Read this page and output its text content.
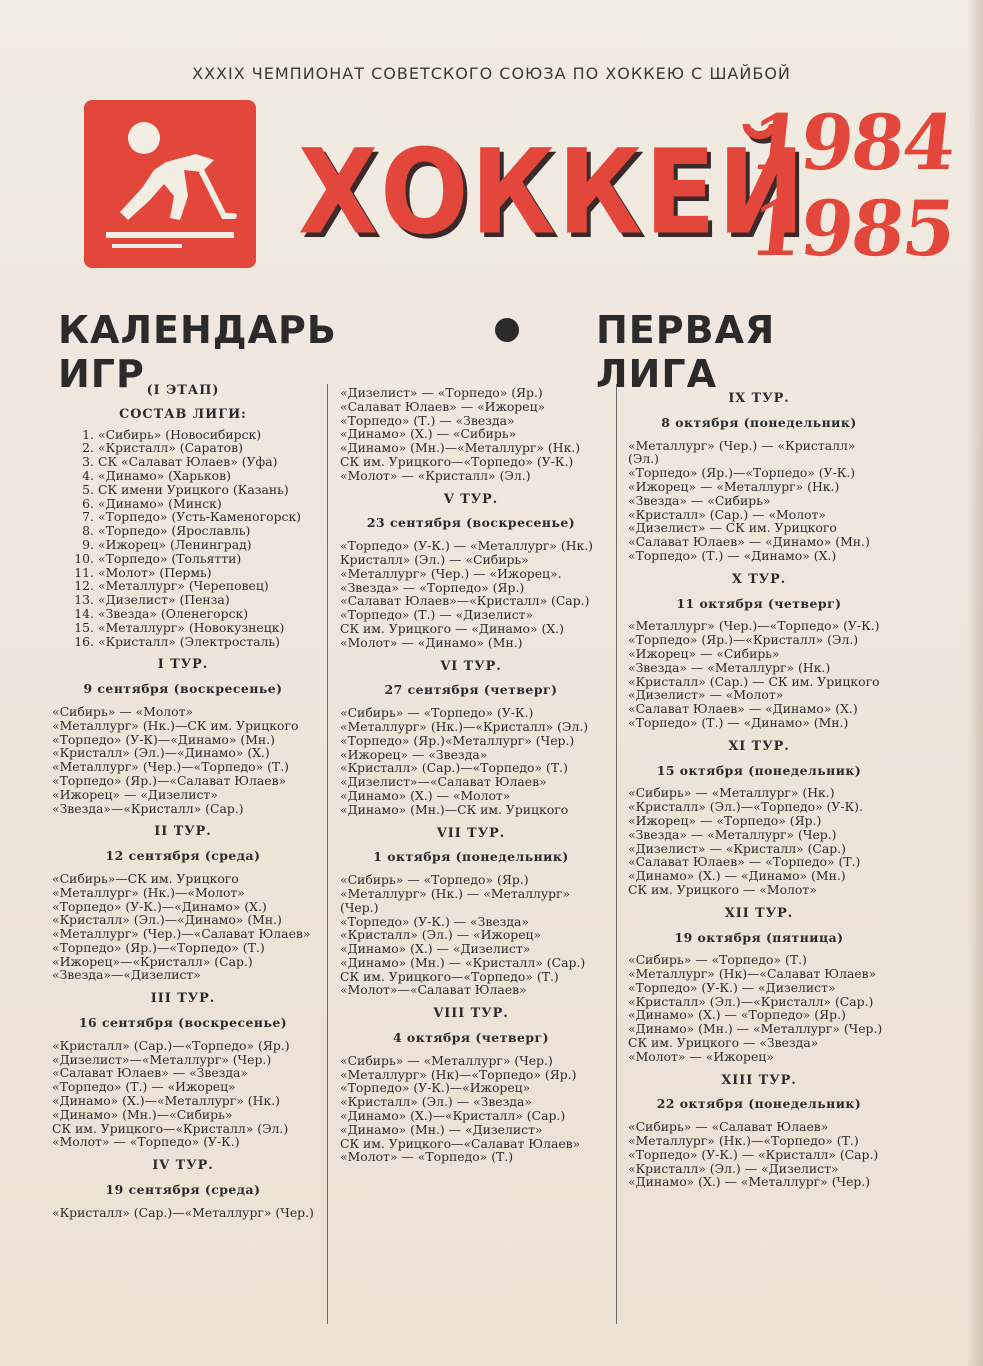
XXXIX ЧЕМПИОНАТ СОВЕТСКОГО СОЮЗА ПО ХОККЕЮ С ШАЙБОЙ
ХОККЕЙ
1984
1985
КАЛЕНДАРЬ ИГР
ПЕРВАЯ ЛИГА
(I ЭТАП)
СОСТАВ ЛИГИ:
1. «Сибирь» (Новосибирск)
2. «Кристалл» (Саратов)
3. СК «Салават Юлаев» (Уфа)
4. «Динамо» (Харьков)
5. СК имени Урицкого (Казань)
6. «Динамо» (Минск)
7. «Торпедо» (Усть-Каменогорск)
8. «Торпедо» (Ярославль)
9. «Ижорец» (Ленинград)
10. «Торпедо» (Тольятти)
11. «Молот» (Пермь)
12. «Металлург» (Череповец)
13. «Дизелист» (Пенза)
14. «Звезда» (Оленегорск)
15. «Металлург» (Новокузнецк)
16. «Кристалл» (Электросталь)
I ТУР.
9 сентября (воскресенье)
«Сибирь» — «Молот»
«Металлург» (Нк.)—СК им. Урицкого
«Торпедо» (У-К)—«Динамо» (Мн.)
«Кристалл» (Эл.)—«Динамо» (Х.)
«Металлург» (Чер.)—«Торпедо» (Т.)
«Торпедо» (Яр.)—«Салават Юлаев»
«Ижорец» — «Дизелист»
«Звезда»—«Кристалл» (Сар.)
II ТУР.
12 сентября (среда)
«Сибирь»—СК им. Урицкого
«Металлург» (Нк.)—«Молот»
«Торпедо» (У-К.)—«Динамо» (Х.)
«Кристалл» (Эл.)—«Динамо» (Мн.)
«Металлург» (Чер.)—«Салават Юлаев»
«Торпедо» (Яр.)—«Торпедо» (Т.)
«Ижорец»—«Кристалл» (Сар.)
«Звезда»—«Дизелист»
III ТУР.
16 сентября (воскресенье)
«Кристалл» (Сар.)—«Торпедо» (Яр.)
«Дизелист»—«Металлург» (Чер.)
«Салават Юлаев» — «Звезда»
«Торпедо» (Т.) — «Ижорец»
«Динамо» (Х.)—«Металлург» (Нк.)
«Динамо» (Мн.)—«Сибирь»
СК им. Урицкого—«Кристалл» (Эл.)
«Молот» — «Торпедо» (У-К.)
IV ТУР.
19 сентября (среда)
«Кристалл» (Сар.)—«Металлург» (Чер.)
«Дизелист» — «Торпедо» (Яр.)
«Салават Юлаев» — «Ижорец»
«Торпедо» (Т.) — «Звезда»
«Динамо» (Х.) — «Сибирь»
«Динамо» (Мн.)—«Металлург» (Нк.)
СК им. Урицкого—«Торпедо» (У-К.)
«Молот» — «Кристалл» (Эл.)
V ТУР.
23 сентября (воскресенье)
«Торпедо» (У-К.) — «Металлург» (Нк.)
Кристалл» (Эл.) — «Сибирь»
«Металлург» (Чер.) — «Ижорец».
«Звезда» — «Торпедо» (Яр.)
«Салават Юлаев»—«Кристалл» (Сар.)
«Торпедо» (Т.) — «Дизелист»
СК им. Урицкого — «Динамо» (Х.)
«Молот» — «Динамо» (Мн.)
VI ТУР.
27 сентября (четверг)
«Сибирь» — «Торпедо» (У-К.)
«Металлург» (Нк.)—«Кристалл» (Эл.)
«Торпедо» (Яр.)«Металлург» (Чер.)
«Ижорец» — «Звезда»
«Кристалл» (Сар.)—«Торпедо» (Т.)
«Дизелист»—«Салават Юлаев»
«Динамо» (Х.) — «Молот»
«Динамо» (Мн.)—СК им. Урицкого
VII ТУР.
1 октября (понедельник)
«Сибирь» — «Торпедо» (Яр.)
«Металлург» (Нк.) — «Металлург» (Чер.)
«Торпедо» (У-К.) — «Звезда»
«Кристалл» (Эл.) — «Ижорец»
«Динамо» (Х.) — «Дизелист»
«Динамо» (Мн.) — «Кристалл» (Сар.)
СК им. Урицкого—«Торпедо» (Т.)
«Молот»—«Салават Юлаев»
VIII ТУР.
4 октября (четверг)
«Сибирь» — «Металлург» (Чер.)
«Металлург» (Нк)—«Торпедо» (Яр.)
«Торпедо» (У-К.)—«Ижорец»
«Кристалл» (Эл.) — «Звезда»
«Динамо» (Х.)—«Кристалл» (Сар.)
«Динамо» (Мн.) — «Дизелист»
СК им. Урицкого—«Салават Юлаев»
«Молот» — «Торпедо» (Т.)
IX ТУР.
8 октября (понедельник)
«Металлург» (Чер.) — «Кристалл» (Эл.)
«Торпедо» (Яр.)—«Торпедо» (У-К.)
«Ижорец» — «Металлург» (Нк.)
«Звезда» — «Сибирь»
«Кристалл» (Сар.) — «Молот»
«Дизелист» — СК им. Урицкого
«Салават Юлаев» — «Динамо» (Мн.)
«Торпедо» (Т.) — «Динамо» (Х.)
X ТУР.
11 октября (четверг)
«Металлург» (Чер.)—«Торпедо» (У-К.)
«Торпедо» (Яр.)—«Кристалл» (Эл.)
«Ижорец» — «Сибирь»
«Звезда» — «Металлург» (Нк.)
«Кристалл» (Сар.) — СК им. Урицкого
«Дизелист» — «Молот»
«Салават Юлаев» — «Динамо» (Х.)
«Торпедо» (Т.) — «Динамо» (Мн.)
XI ТУР.
15 октября (понедельник)
«Сибирь» — «Металлург» (Нк.)
«Кристалл» (Эл.)—«Торпедо» (У-К).
«Ижорец» — «Торпедо» (Яр.)
«Звезда» — «Металлург» (Чер.)
«Дизелист» — «Кристалл» (Сар.)
«Салават Юлаев» — «Торпедо» (Т.)
«Динамо» (Х.) — «Динамо» (Мн.)
СК им. Урицкого — «Молот»
XII ТУР.
19 октября (пятница)
«Сибирь» — «Торпедо» (Т.)
«Металлург» (Нк)—«Салават Юлаев»
«Торпедо» (У-К.) — «Дизелист»
«Кристалл» (Эл.)—«Кристалл» (Сар.)
«Динамо» (Х.) — «Торпедо» (Яр.)
«Динамо» (Мн.) — «Металлург» (Чер.)
СК им. Урицкого — «Звезда»
«Молот» — «Ижорец»
XIII ТУР.
22 октября (понедельник)
«Сибирь» — «Салават Юлаев»
«Металлург» (Нк.)—«Торпедо» (Т.)
«Торпедо» (У-К.) — «Кристалл» (Сар.)
«Кристалл» (Эл.) — «Дизелист»
«Динамо» (Х.) — «Металлург» (Чер.)
